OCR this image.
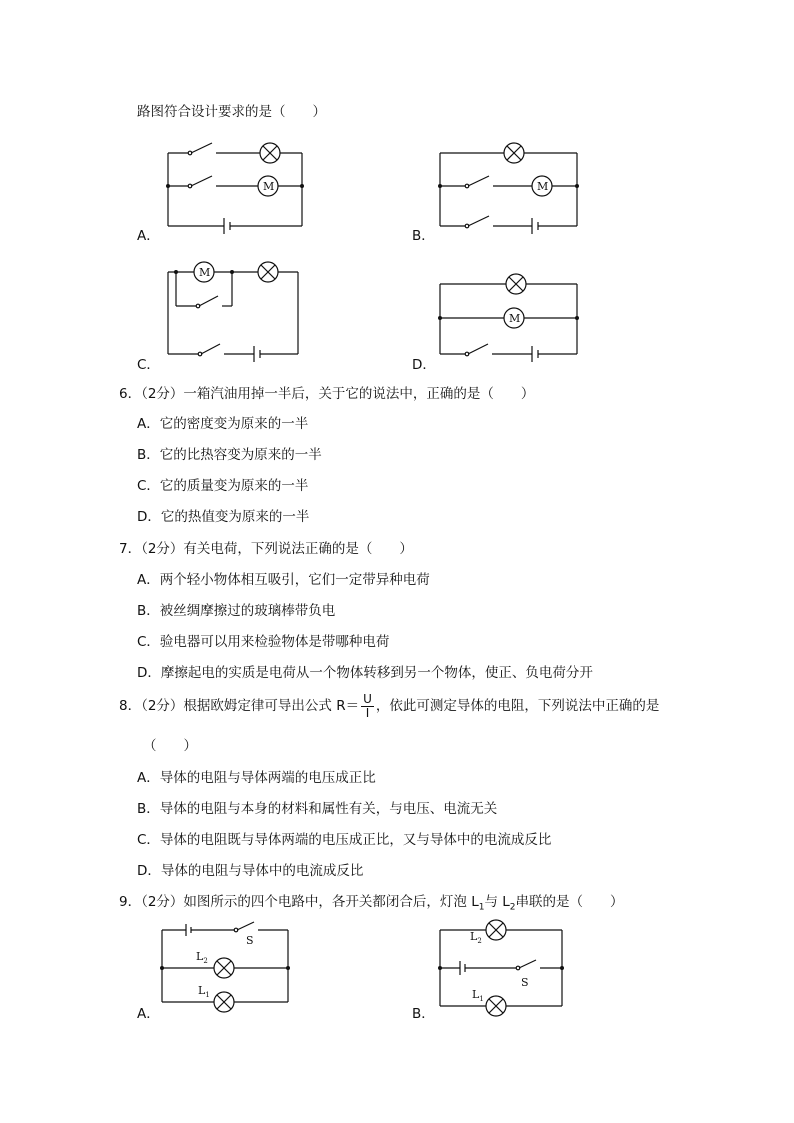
路图符合设计要求的是（　　）
M
A．
M
B．
M
C．
M
D．
6．（2分）一箱汽油用掉一半后，关于它的说法中，正确的是（　　）
A．它的密度变为原来的一半
B．它的比热容变为原来的一半
C．它的质量变为原来的一半
D．它的热值变为原来的一半
7．（2分）有关电荷，下列说法正确的是（　　）
A．两个轻小物体相互吸引，它们一定带异种电荷
B．被丝绸摩擦过的玻璃棒带负电
C．验电器可以用来检验物体是带哪种电荷
D．摩擦起电的实质是电荷从一个物体转移到另一个物体，使正、负电荷分开
8．（2分）根据欧姆定律可导出公式 $R= \frac{U}{I}$ ，依此可测定导体的电阻，下列说法中正确的是
（　　）
A．导体的电阻与导体两端的电压成正比
B．导体的电阻与本身的材料和属性有关，与电压、电流无关
C．导体的电阻既与导体两端的电压成正比，又与导体中的电流成反比
D．导体的电阻与导体中的电流成反比
9．（2分）如图所示的四个电路中，各开关都闭合后，灯泡 $L_1$与 $L_2$串联的是（　　）
S
$L_2$
$L_1$
A．
$L_2$
S
$L_1$
B．
